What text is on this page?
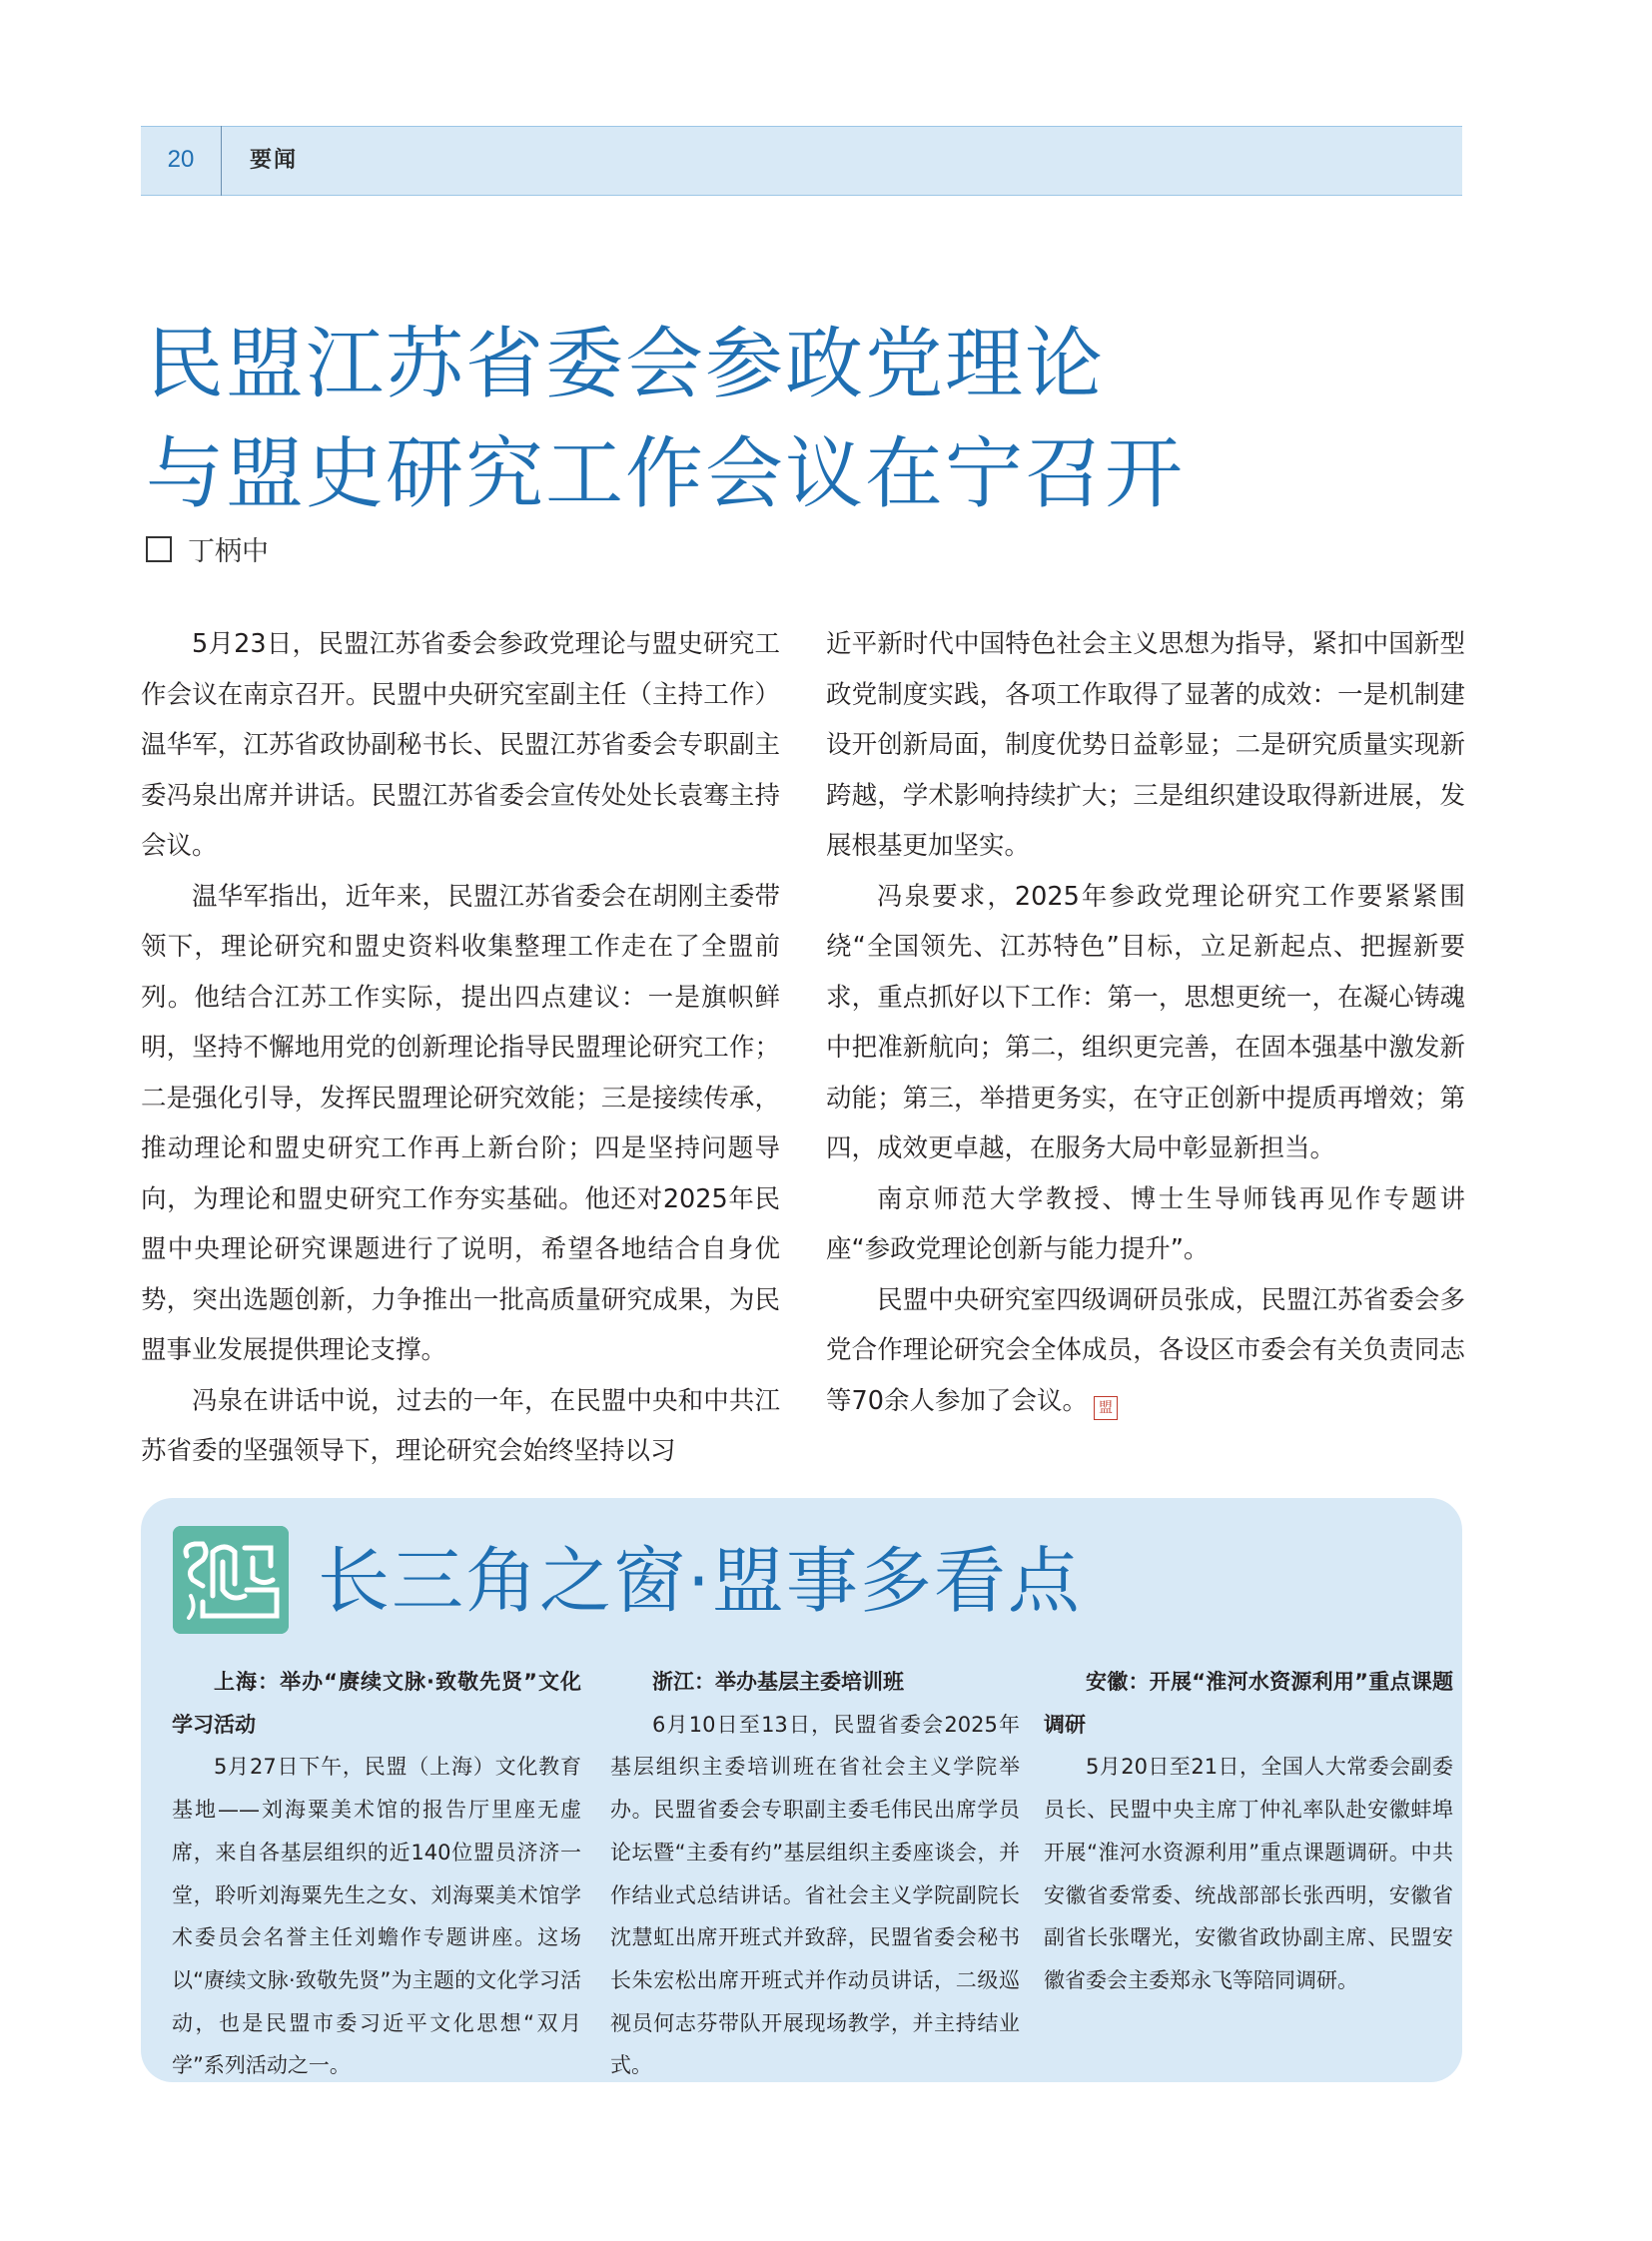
20	要闻
民盟江苏省委会参政党理论
与盟史研究工作会议在宁召开
丁柄中

5月23日，民盟江苏省委会参政党理论与盟史研究工作会议在南京召开。民盟中央研究室副主任（主持工作）温华军，江苏省政协副秘书长、民盟江苏省委会专职副主委冯泉出席并讲话。民盟江苏省委会宣传处处长袁骞主持会议。

温华军指出，近年来，民盟江苏省委会在胡刚主委带领下，理论研究和盟史资料收集整理工作走在了全盟前列。他结合江苏工作实际，提出四点建议：一是旗帜鲜明，坚持不懈地用党的创新理论指导民盟理论研究工作；二是强化引导，发挥民盟理论研究效能；三是接续传承，推动理论和盟史研究工作再上新台阶；四是坚持问题导向，为理论和盟史研究工作夯实基础。他还对2025年民盟中央理论研究课题进行了说明，希望各地结合自身优势，突出选题创新，力争推出一批高质量研究成果，为民盟事业发展提供理论支撑。

冯泉在讲话中说，过去的一年，在民盟中央和中共江苏省委的坚强领导下，理论研究会始终坚持以习

近平新时代中国特色社会主义思想为指导，紧扣中国新型政党制度实践，各项工作取得了显著的成效：一是机制建设开创新局面，制度优势日益彰显；二是研究质量实现新跨越，学术影响持续扩大；三是组织建设取得新进展，发展根基更加坚实。

冯泉要求，2025年参政党理论研究工作要紧紧围绕“全国领先、江苏特色”目标，立足新起点、把握新要求，重点抓好以下工作：第一，思想更统一，在凝心铸魂中把准新航向；第二，组织更完善，在固本强基中激发新动能；第三，举措更务实，在守正创新中提质再增效；第四，成效更卓越，在服务大局中彰显新担当。

南京师范大学教授、博士生导师钱再见作专题讲座“参政党理论创新与能力提升”。

民盟中央研究室四级调研员张成，民盟江苏省委会多党合作理论研究会全体成员，各设区市委会有关负责同志等70余人参加了会议。 盟

长三角之窗·盟事多看点
上海：举办“赓续文脉·致敬先贤”文化学习活动

5月27日下午，民盟（上海）文化教育基地——刘海粟美术馆的报告厅里座无虚席，来自各基层组织的近140位盟员济济一堂，聆听刘海粟先生之女、刘海粟美术馆学术委员会名誉主任刘蟾作专题讲座。这场以“赓续文脉·致敬先贤”为主题的文化学习活动，也是民盟市委习近平文化思想“双月学”系列活动之一。

浙江：举办基层主委培训班

6月10日至13日，民盟省委会2025年基层组织主委培训班在省社会主义学院举办。民盟省委会专职副主委毛伟民出席学员论坛暨“主委有约”基层组织主委座谈会，并作结业式总结讲话。省社会主义学院副院长沈慧虹出席开班式并致辞，民盟省委会秘书长朱宏松出席开班式并作动员讲话，二级巡视员何志芬带队开展现场教学，并主持结业式。

安徽：开展“淮河水资源利用”重点课题调研

5月20日至21日，全国人大常委会副委员长、民盟中央主席丁仲礼率队赴安徽蚌埠开展“淮河水资源利用”重点课题调研。中共安徽省委常委、统战部部长张西明，安徽省副省长张曙光，安徽省政协副主席、民盟安徽省委会主委郑永飞等陪同调研。
